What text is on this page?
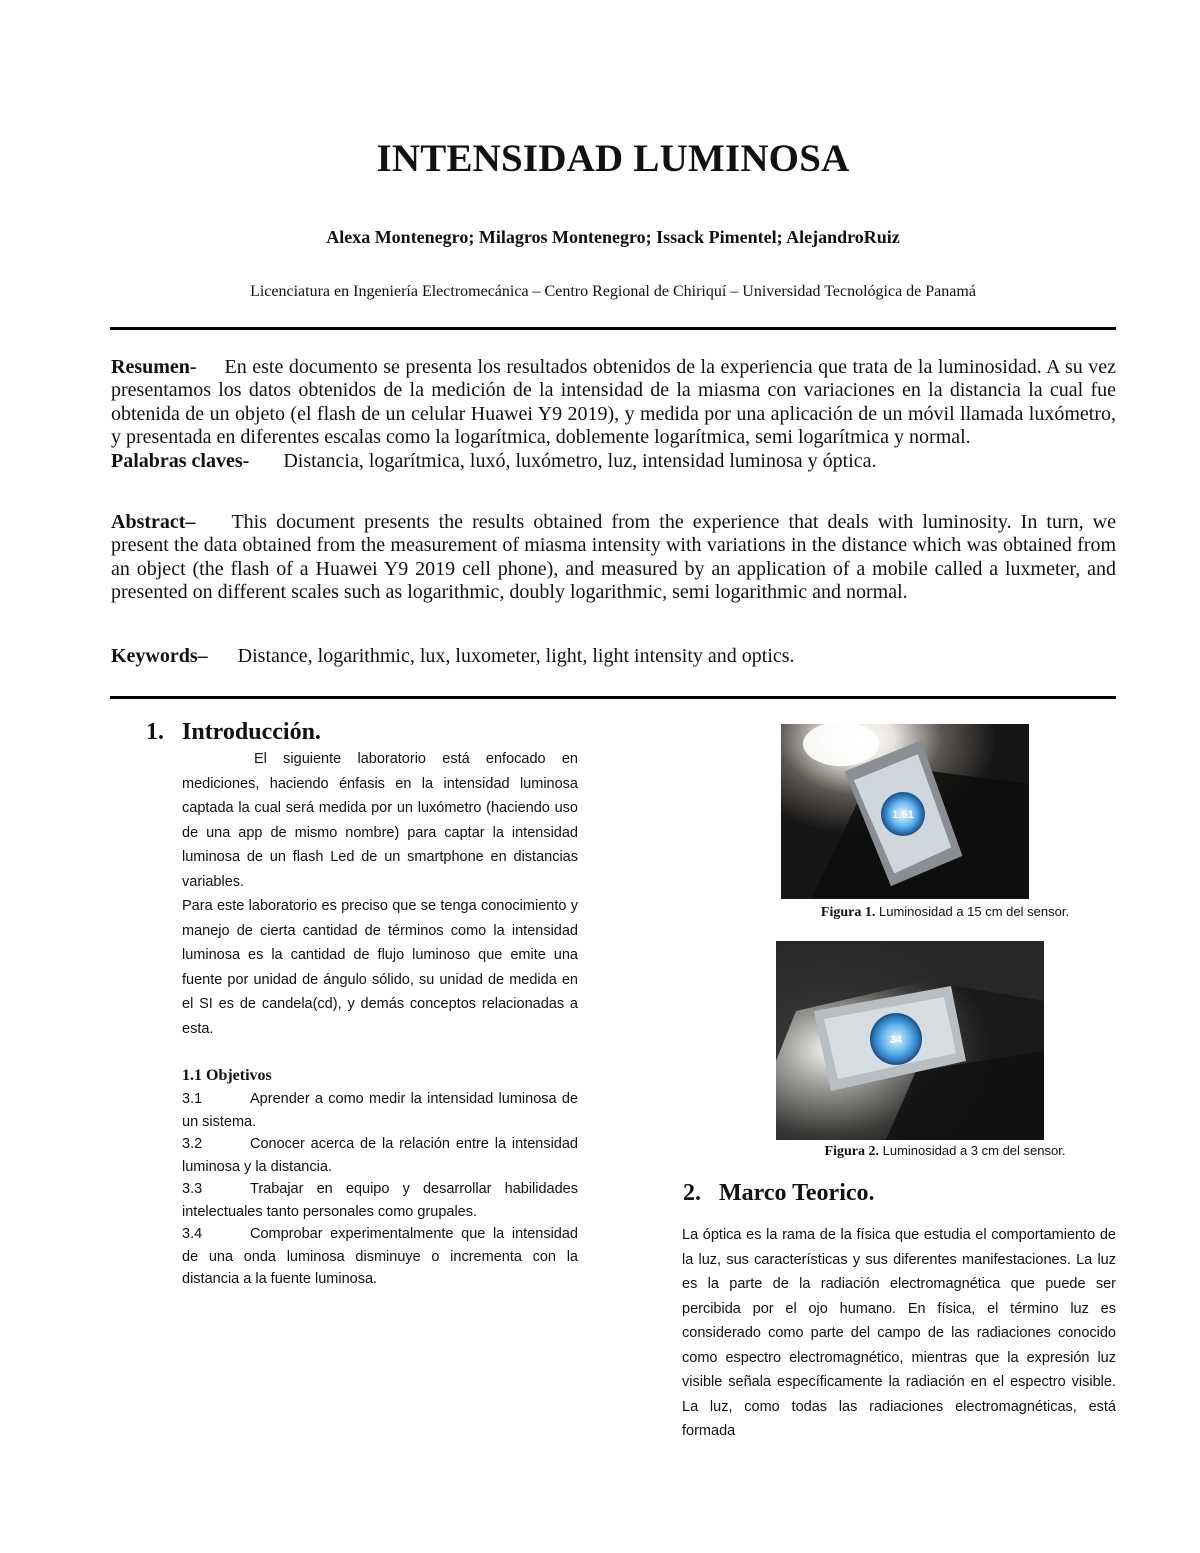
INTENSIDAD LUMINOSA
Alexa Montenegro; Milagros Montenegro; Issack Pimentel; AlejandroRuiz
Licenciatura en Ingeniería Electromecánica – Centro Regional de Chiriquí – Universidad Tecnológica de Panamá
Resumen- En este documento se presenta los resultados obtenidos de la experiencia que trata de la luminosidad. A su vez presentamos los datos obtenidos de la medición de la intensidad de la miasma con variaciones en la distancia la cual fue obtenida de un objeto (el flash de un celular Huawei Y9 2019), y medida por una aplicación de un móvil llamada luxómetro, y presentada en diferentes escalas como la logarítmica, doblemente logarítmica, semi logarítmica y normal.
Palabras claves- Distancia, logarítmica, luxó, luxómetro, luz, intensidad luminosa y óptica.
Abstract– This document presents the results obtained from the experience that deals with luminosity. In turn, we present the data obtained from the measurement of miasma intensity with variations in the distance which was obtained from an object (the flash of a Huawei Y9 2019 cell phone), and measured by an application of a mobile called a luxmeter, and presented on different scales such as logarithmic, doubly logarithmic, semi logarithmic and normal.
Keywords– Distance, logarithmic, lux, luxometer, light, light intensity and optics.
1. Introducción.
El siguiente laboratorio está enfocado en mediciones, haciendo énfasis en la intensidad luminosa captada la cual será medida por un luxómetro (haciendo uso de una app de mismo nombre) para captar la intensidad luminosa de un flash Led de un smartphone en distancias variables.
Para este laboratorio es preciso que se tenga conocimiento y manejo de cierta cantidad de términos como la intensidad luminosa es la cantidad de flujo luminoso que emite una fuente por unidad de ángulo sólido, su unidad de medida en el SI es de candela(cd), y demás conceptos relacionadas a esta.
1.1 Objetivos

3.1	Aprender a como medir la intensidad luminosa de un sistema.

3.2	Conocer acerca de la relación entre la intensidad luminosa y la distancia.

3.3	Trabajar en equipo y desarrollar habilidades intelectuales tanto personales como grupales.

3.4	Comprobar experimentalmente que la intensidad de una onda luminosa disminuye o incrementa con la distancia a la fuente luminosa.

1.51
Figura 1. Luminosidad a 15 cm del sensor.
34
Figura 2. Luminosidad a 3 cm del sensor.
2. Marco Teorico.
La óptica es la rama de la física que estudia el comportamiento de la luz, sus características y sus diferentes manifestaciones. La luz es la parte de la radiación electromagnética que puede ser percibida por el ojo humano. En física, el término luz es considerado como parte del campo de las radiaciones conocido como espectro electromagnético, mientras que la expresión luz visible señala específicamente la radiación en el espectro visible. La luz, como todas las radiaciones electromagnéticas, está formada
